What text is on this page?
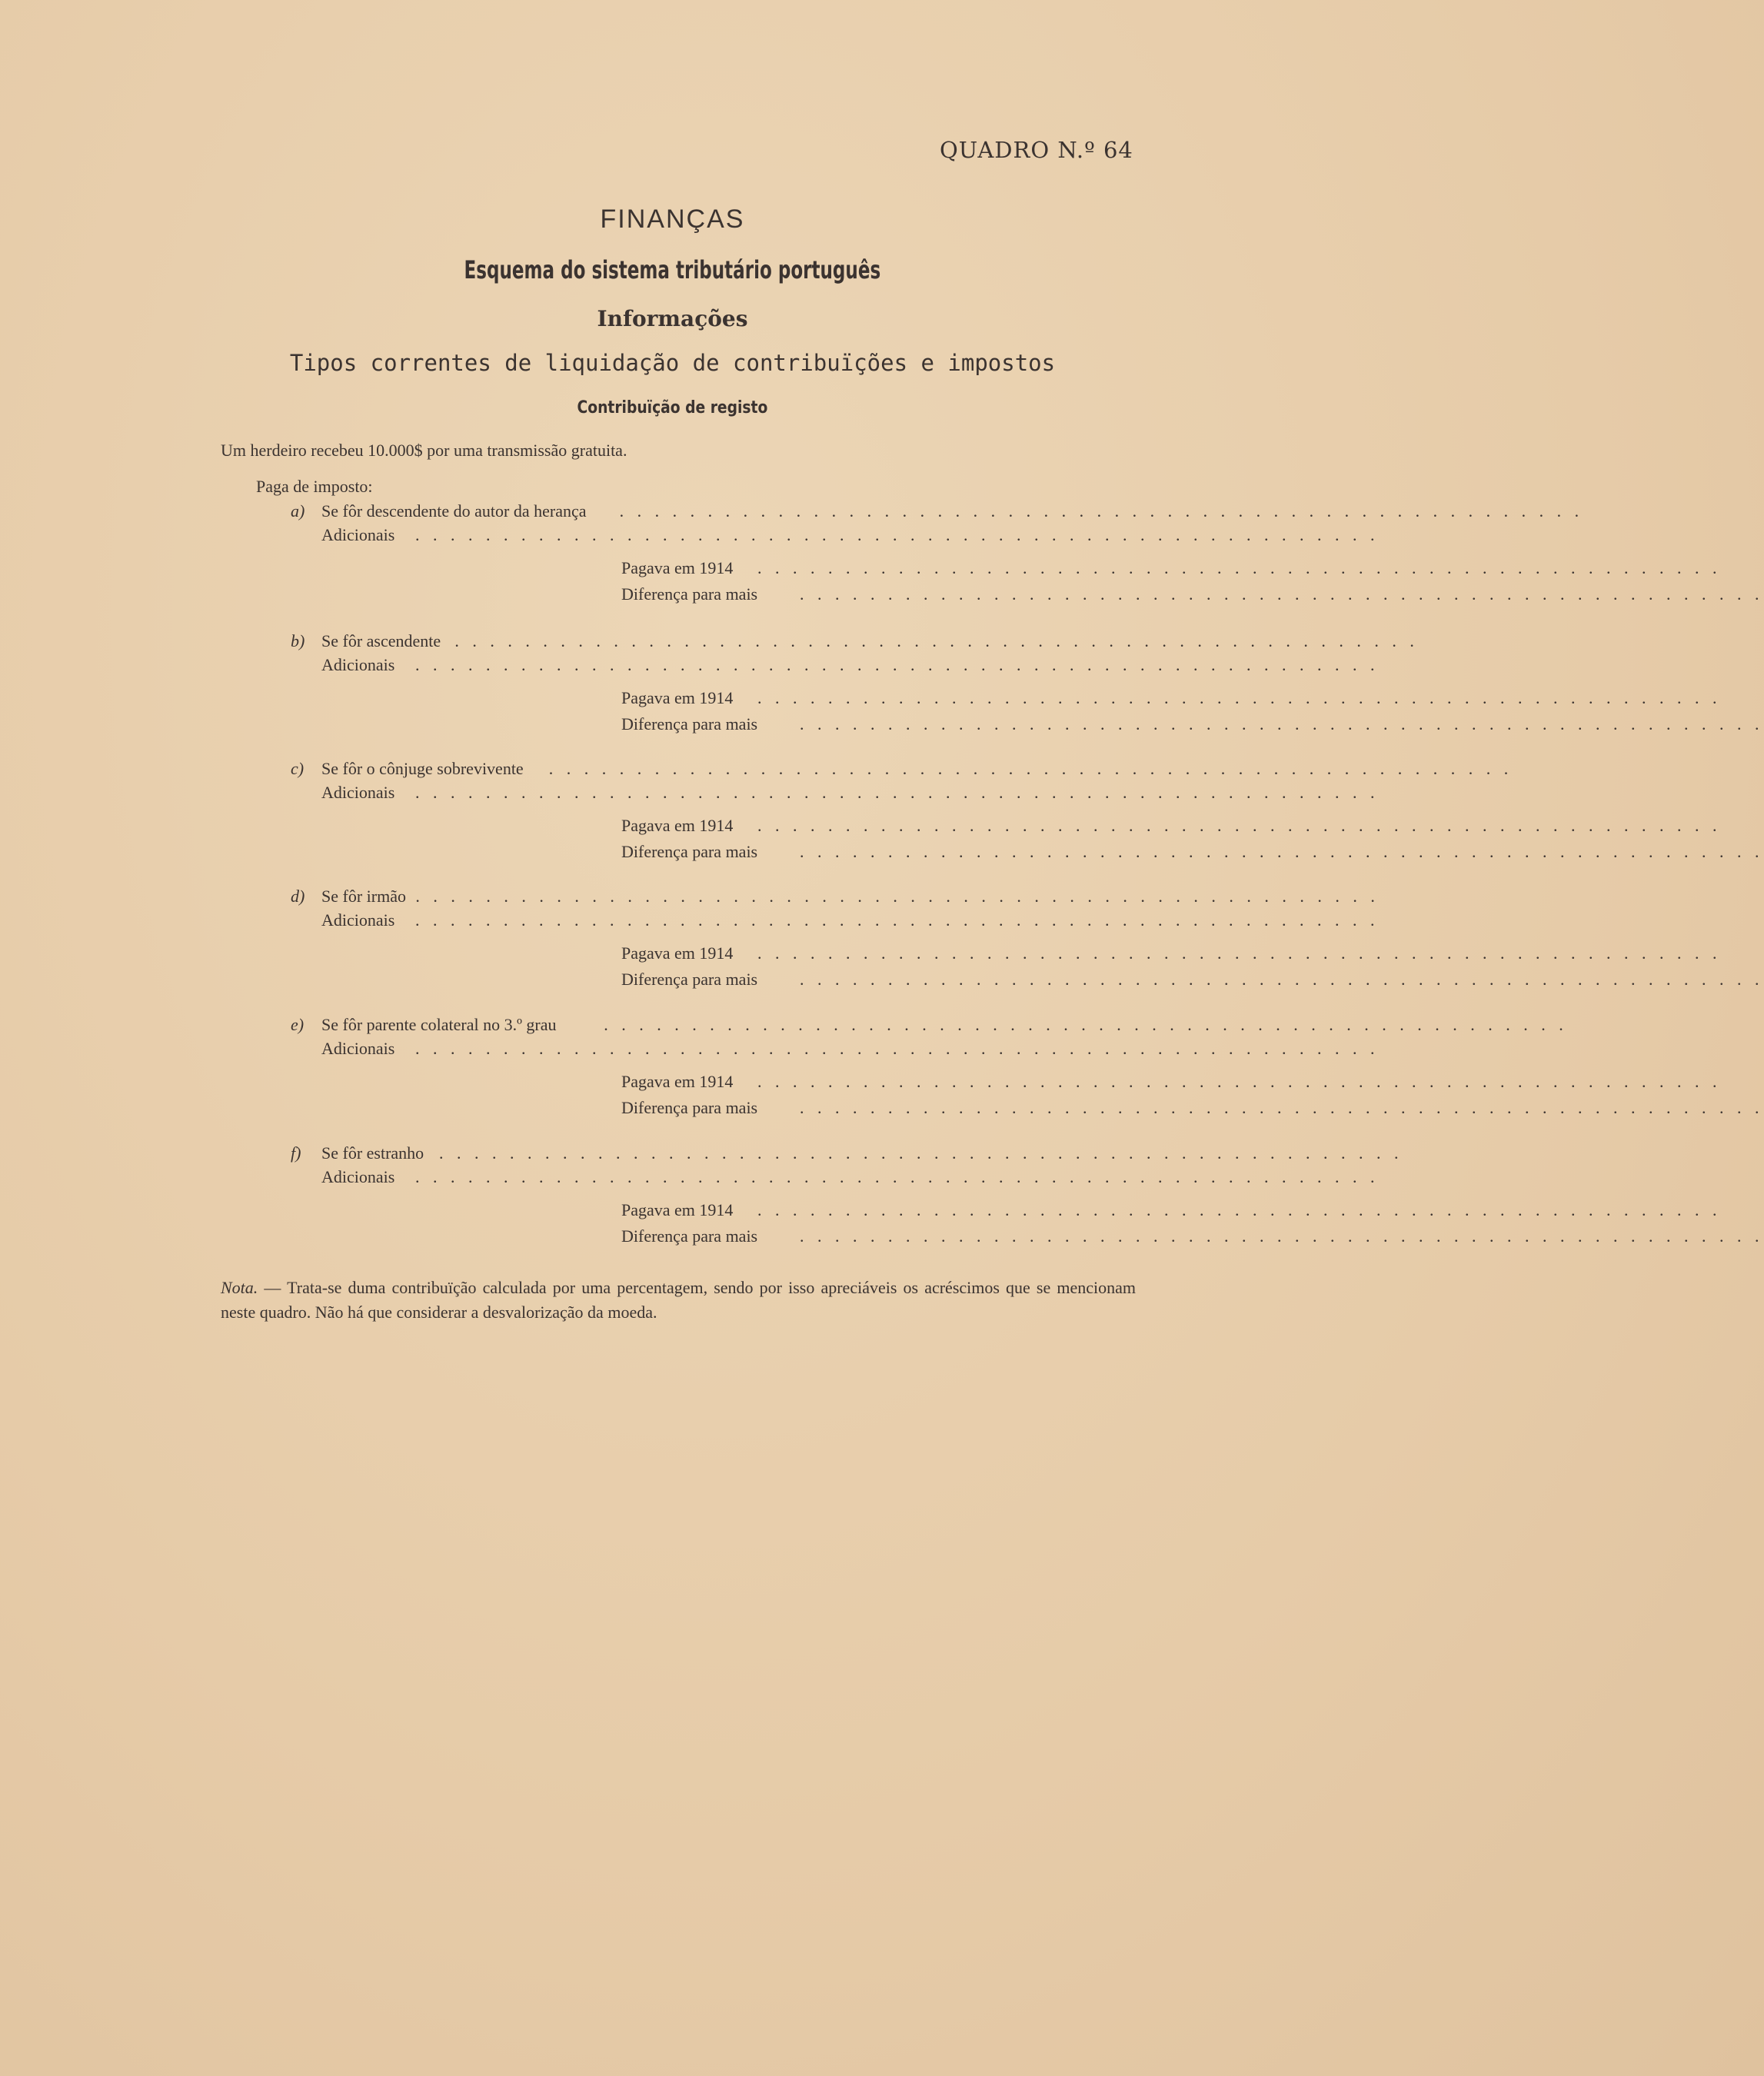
QUADRO N.º 64
FINANÇAS
Esquema do sistema tributário português
Informações
Tipos correntes de liquidação de contribuïções e impostos
Contribuïção de registo
Um herdeiro recebeu 10.000$ por uma transmissão gratuita.
Paga de imposto:
a) Se fôr descendente do autor da herança . . . . . . . . . . . . . . . . . . . . . . . . . . . . . . . . . . . . . . . . . . . . . . . . . . . . . . .
Adicionais . . . . . . . . . . . . . . . . . . . . . . . . . . . . . . . . . . . . . . . . . . . . . . . . . . . . . . .
Pagava em 1914 . . . . . . . . . . . . . . . . . . . . . . . . . . . . . . . . . . . . . . . . . . . . . . . . . . . . . . .
Diferença para mais . . . . . . . . . . . . . . . . . . . . . . . . . . . . . . . . . . . . . . . . . . . . . . . . . . . . . . .
b) Se fôr ascendente . . . . . . . . . . . . . . . . . . . . . . . . . . . . . . . . . . . . . . . . . . . . . . . . . . . . . . .
Adicionais . . . . . . . . . . . . . . . . . . . . . . . . . . . . . . . . . . . . . . . . . . . . . . . . . . . . . . .
Pagava em 1914 . . . . . . . . . . . . . . . . . . . . . . . . . . . . . . . . . . . . . . . . . . . . . . . . . . . . . . .
Diferença para mais . . . . . . . . . . . . . . . . . . . . . . . . . . . . . . . . . . . . . . . . . . . . . . . . . . . . . . .
c) Se fôr o cônjuge sobrevivente . . . . . . . . . . . . . . . . . . . . . . . . . . . . . . . . . . . . . . . . . . . . . . . . . . . . . . .
Adicionais . . . . . . . . . . . . . . . . . . . . . . . . . . . . . . . . . . . . . . . . . . . . . . . . . . . . . . .
Pagava em 1914 . . . . . . . . . . . . . . . . . . . . . . . . . . . . . . . . . . . . . . . . . . . . . . . . . . . . . . .
Diferença para mais . . . . . . . . . . . . . . . . . . . . . . . . . . . . . . . . . . . . . . . . . . . . . . . . . . . . . . .
d) Se fôr irmão . . . . . . . . . . . . . . . . . . . . . . . . . . . . . . . . . . . . . . . . . . . . . . . . . . . . . . .
Adicionais . . . . . . . . . . . . . . . . . . . . . . . . . . . . . . . . . . . . . . . . . . . . . . . . . . . . . . .
Pagava em 1914 . . . . . . . . . . . . . . . . . . . . . . . . . . . . . . . . . . . . . . . . . . . . . . . . . . . . . . .
Diferença para mais . . . . . . . . . . . . . . . . . . . . . . . . . . . . . . . . . . . . . . . . . . . . . . . . . . . . . . .
e) Se fôr parente colateral no 3.º grau	. . . . . . . . . . . . . . . . . . . . . . . . . . . . . . . . . . . . . . . . . . . . . . . . . . . . . . .
Adicionais . . . . . . . . . . . . . . . . . . . . . . . . . . . . . . . . . . . . . . . . . . . . . . . . . . . . . . .
Pagava em 1914 . . . . . . . . . . . . . . . . . . . . . . . . . . . . . . . . . . . . . . . . . . . . . . . . . . . . . . .
Diferença para mais . . . . . . . . . . . . . . . . . . . . . . . . . . . . . . . . . . . . . . . . . . . . . . . . . . . . . . .
f) Se fôr estranho . . . . . . . . . . . . . . . . . . . . . . . . . . . . . . . . . . . . . . . . . . . . . . . . . . . . . . .
Adicionais . . . . . . . . . . . . . . . . . . . . . . . . . . . . . . . . . . . . . . . . . . . . . . . . . . . . . . .
Pagava em 1914 . . . . . . . . . . . . . . . . . . . . . . . . . . . . . . . . . . . . . . . . . . . . . . . . . . . . . . .
Diferença para mais . . . . . . . . . . . . . . . . . . . . . . . . . . . . . . . . . . . . . . . . . . . . . . . . . . . . . . .
Nota. — Trata-se duma contribuïção calculada por uma percentagem, sendo por isso apreciáveis os acréscimos que se mencionam neste quadro. Não há que considerar a desvalorização da moeda.
